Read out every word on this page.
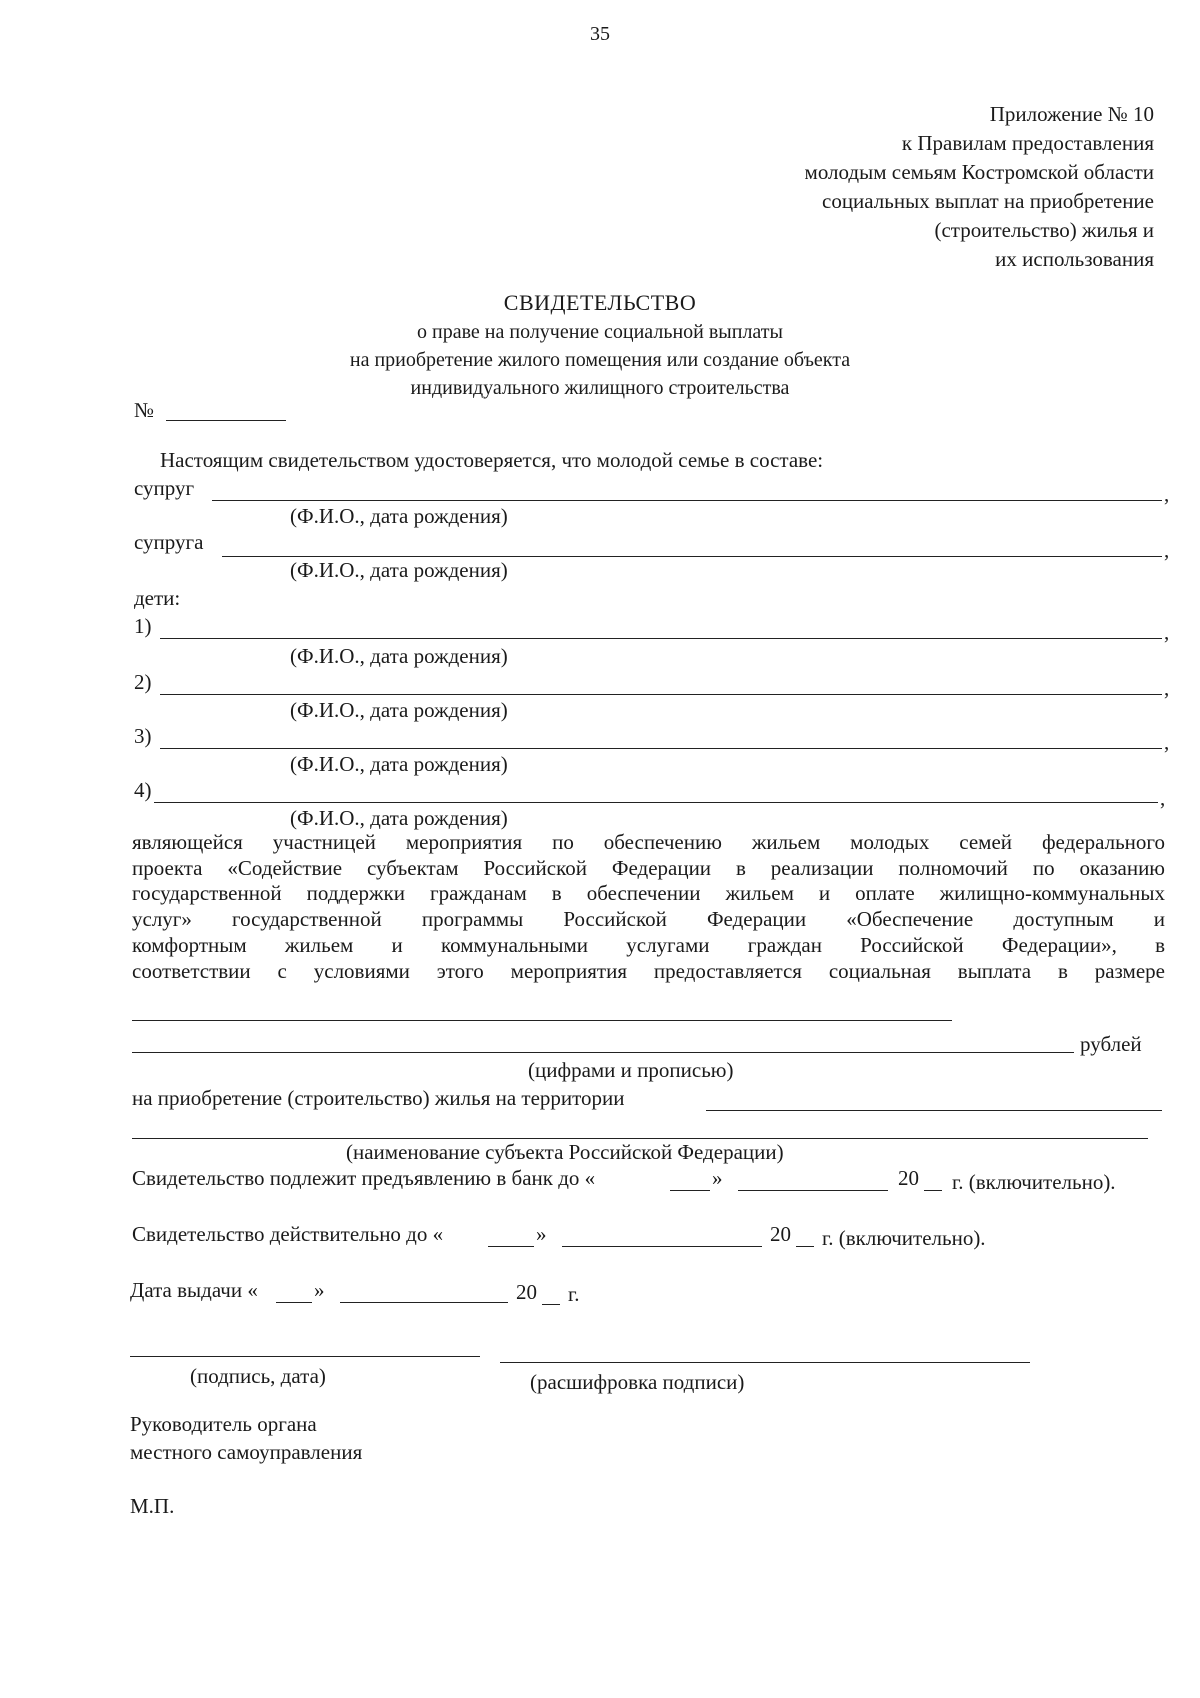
35
Приложение № 10
к Правилам предоставления
молодым семьям Костромской области
социальных выплат на приобретение
(строительство) жилья и
их использования
СВИДЕТЕЛЬСТВО
о праве на получение социальной выплаты
на приобретение жилого помещения или создание объекта
индивидуального жилищного строительства
№
Настоящим свидетельством удостоверяется, что молодой семье в составе:
супруг	,
(Ф.И.О., дата рождения)
супруга	,
(Ф.И.О., дата рождения)
дети:
1)	,
(Ф.И.О., дата рождения)
2)	,
(Ф.И.О., дата рождения)
3)	,
(Ф.И.О., дата рождения)
4)	,
(Ф.И.О., дата рождения)
являющейся участницей мероприятия по обеспечению жильем молодых семей федерального
проекта «Содействие субъектам Российской Федерации в реализации полномочий по оказанию
государственной поддержки гражданам в обеспечении жильем и оплате жилищно-коммунальных
услуг» государственной программы Российской Федерации «Обеспечение доступным и
комфортным жильем и коммунальными услугами граждан Российской Федерации», в
соответствии с условиями этого мероприятия предоставляется социальная выплата в размере
рублей
(цифрами и прописью)
на приобретение (строительство) жилья на территории
(наименование субъекта Российской Федерации)
Свидетельство подлежит предъявлению в банк до «	»	20 г. (включительно).
Свидетельство действительно до «	»	20 г. (включительно).
Дата выдачи «	»	20 г.
(подпись, дата)	(расшифровка подписи)
Руководитель органа
местного самоуправления
М.П.
